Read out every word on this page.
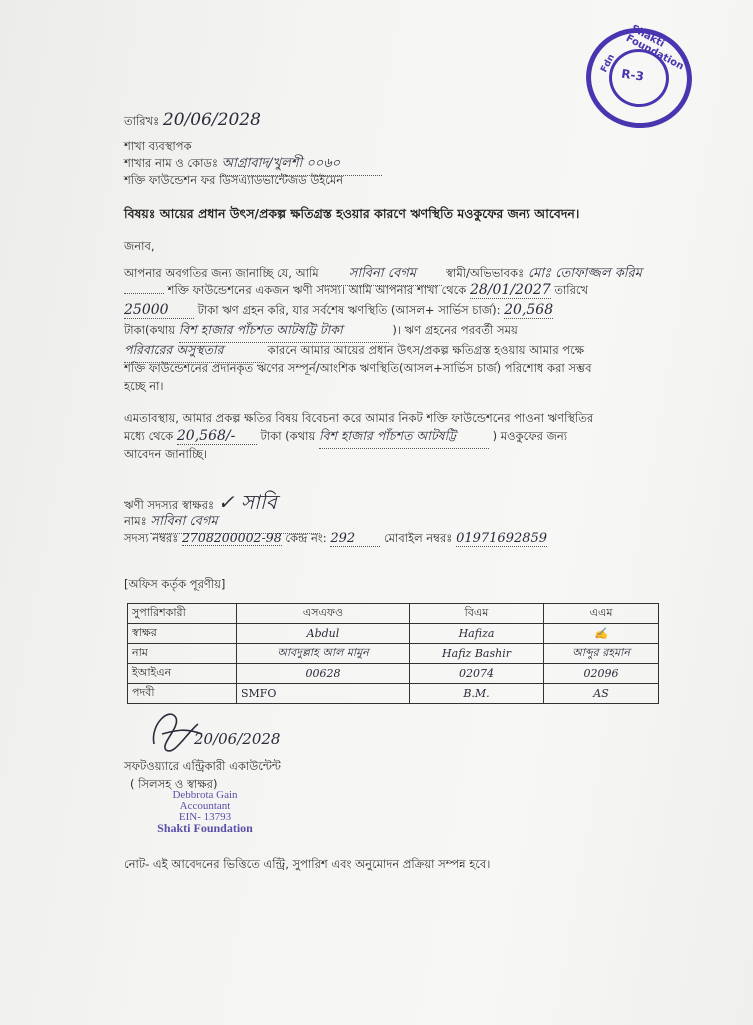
Shakti Foundation
R-3
Fdn
তারিখঃ 20/06/2028
শাখা ব্যবস্থাপক
শাখার নাম ও কোডঃ আগ্রাবাদ/খুলশী ০০৬০
শক্তি ফাউন্ডেশন ফর ডিসএ্যাডভান্টেজড উইমেন
বিষয়ঃ আয়ের প্রধান উৎস/প্রকল্প ক্ষতিগ্রস্ত হওয়ার কারণে ঋণস্থিতি মওকুফের জন্য আবেদন।
জনাব,
আপনার অবগতির জন্য জানাচ্ছি যে, আমি সাবিনা বেগম	স্বামী/অভিভাবকঃ মোঃ তোফাজ্জল করিম
শক্তি ফাউন্ডেশনের একজন ঋণী সদস্য। আমি আপনার শাখা থেকে 28/01/2027 তারিখে
25000	টাকা ঋণ গ্রহন করি, যার সর্বশেষ ঋণস্থিতি (আসল+ সার্ভিস চার্জ): 20,568
টাকা(কথায় বিশ হাজার পাঁচশত আটষট্টি টাকা	)। ঋণ গ্রহনের পরবর্তী সময়
পরিবারের অসুস্থতার	কারনে আমার আয়ের প্রধান উৎস/প্রকল্প ক্ষতিগ্রস্ত হওয়ায় আমার পক্ষে
শক্তি ফাউন্ডেশনের প্রদানকৃত ঋণের সম্পূর্ন/আংশিক ঋণস্থিতি(আসল+সার্ভিস চার্জ) পরিশোধ করা সম্ভব
হচ্ছে না।
এমতাবস্থায়, আমার প্রকল্প ক্ষতির বিষয় বিবেচনা করে আমার নিকট শক্তি ফাউন্ডেশনের পাওনা ঋণস্থিতির
মধ্যে থেকে 20,568/- টাকা (কথায় বিশ হাজার পাঁচশত আটষট্টি	) মওকুফের জন্য
আবেদন জানাচ্ছি।
ঋণী সদস্যর স্বাক্ষরঃ ✓ সাবি
নামঃ সাবিনা বেগম
সদস্য নম্বরঃ 2708200002-98 কেন্দ্র নং: 292	মোবাইল নম্বরঃ 01971692859
[অফিস কর্তৃক পূরণীয়]
সুপারিশকারী	এসএফও	বিএম	এএম
স্বাক্ষর	Abdul	Hafiza	✍
নাম	আবদুল্লাহ আল মামুন	Hafiz Bashir	আব্দুর রহমান
ইআইএন	00628	02074	02096
পদবী	SMFO	B.M.	AS
20/06/2028
সফটওয়্যারে এন্ট্রিকারী একাউন্টেন্ট
( সিলসহ ও স্বাক্ষর)
Debbrota Gain
Accountant
EIN- 13793
Shakti Foundation
নোট- এই আবেদনের ভিত্তিতে এন্ট্রি, সুপারিশ এবং অনুমোদন প্রক্রিয়া সম্পন্ন হবে।
